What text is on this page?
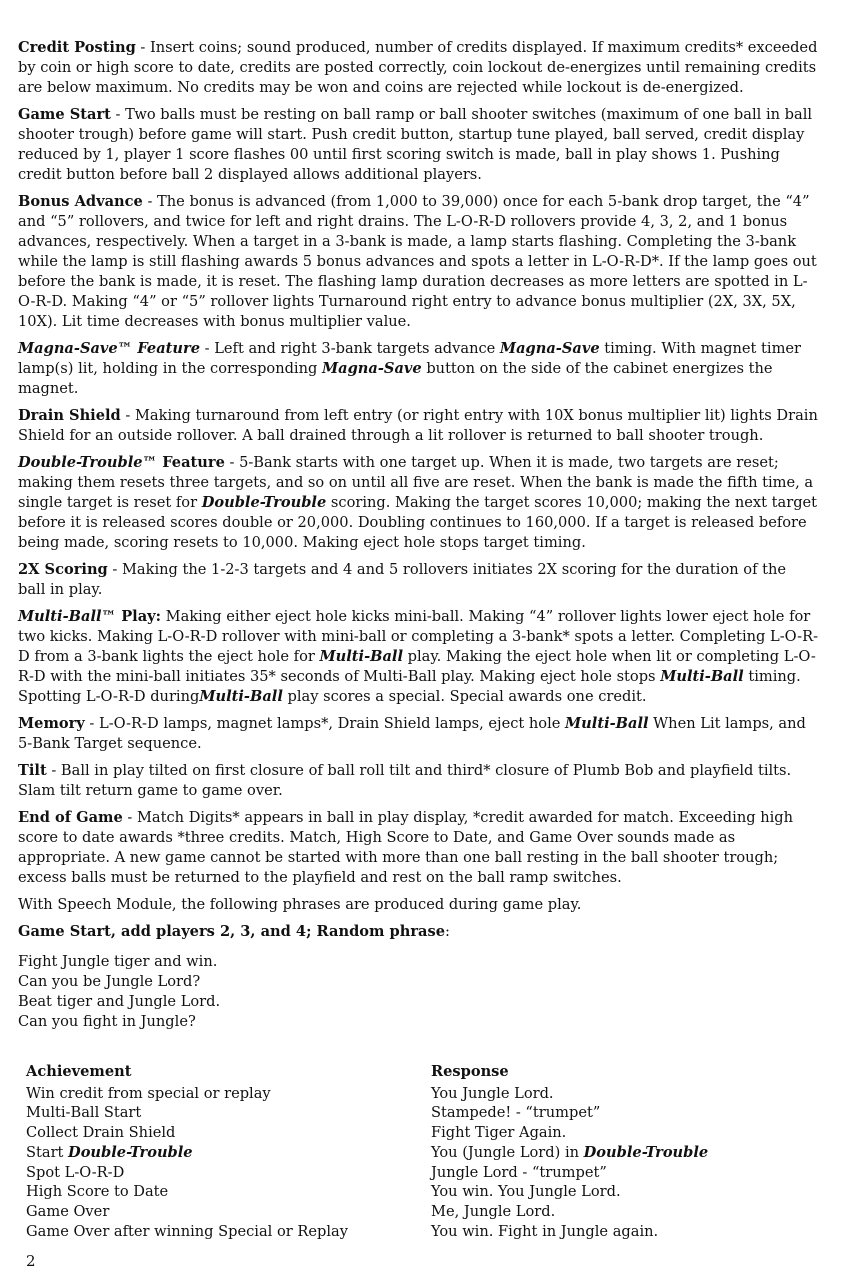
Credit Posting - Insert coins; sound produced, number of credits displayed. If maximum credits* exceeded by coin or high score to date, credits are posted correctly, coin lockout de-energizes until remaining credits are below maximum. No credits may be won and coins are rejected while lockout is de-energized.

Game Start - Two balls must be resting on ball ramp or ball shooter switches (maximum of one ball in ball shooter trough) before game will start. Push credit button, startup tune played, ball served, credit display reduced by 1, player 1 score flashes 00 until first scoring switch is made, ball in play shows 1. Pushing credit button before ball 2 displayed allows additional players.

Bonus Advance - The bonus is advanced (from 1,000 to 39,000) once for each 5-bank drop target, the “4” and “5” rollovers, and twice for left and right drains. The L-O-R-D rollovers provide 4, 3, 2, and 1 bonus advances, respectively. When a target in a 3-bank is made, a lamp starts flashing. Completing the 3-bank while the lamp is still flashing awards 5 bonus advances and spots a letter in L-O-R-D*. If the lamp goes out before the bank is made, it is reset. The flashing lamp duration decreases as more letters are spotted in L-O-R-D. Making “4” or “5” rollover lights Turnaround right entry to advance bonus multiplier (2X, 3X, 5X, 10X). Lit time decreases with bonus multiplier value.

Magna-Save™ Feature - Left and right 3-bank targets advance Magna-Save timing. With magnet timer lamp(s) lit, holding in the corresponding Magna-Save button on the side of the cabinet energizes the magnet.

Drain Shield - Making turnaround from left entry (or right entry with 10X bonus multiplier lit) lights Drain Shield for an outside rollover. A ball drained through a lit rollover is returned to ball shooter trough.

Double-Trouble™ Feature - 5-Bank starts with one target up. When it is made, two targets are reset; making them resets three targets, and so on until all five are reset. When the bank is made the fifth time, a single target is reset for Double-Trouble scoring. Making the target scores 10,000; making the next target before it is released scores double or 20,000. Doubling continues to 160,000. If a target is released before being made, scoring resets to 10,000. Making eject hole stops target timing.

2X Scoring - Making the 1-2-3 targets and 4 and 5 rollovers initiates 2X scoring for the duration of the ball in play.

Multi-Ball™ Play: Making either eject hole kicks mini-ball. Making “4” rollover lights lower eject hole for two kicks. Making L-O-R-D rollover with mini-ball or completing a 3-bank* spots a letter. Completing L-O-R-D from a 3-bank lights the eject hole for Multi-Ball play. Making the eject hole when lit or completing L-O-R-D with the mini-ball initiates 35* seconds of Multi-Ball play. Making eject hole stops Multi-Ball timing. Spotting L-O-R-D duringMulti-Ball play scores a special. Special awards one credit.

Memory - L-O-R-D lamps, magnet lamps*, Drain Shield lamps, eject hole Multi-Ball When Lit lamps, and 5-Bank Target sequence.

Tilt - Ball in play tilted on first closure of ball roll tilt and third* closure of Plumb Bob and playfield tilts. Slam tilt return game to game over.

End of Game - Match Digits* appears in ball in play display, *credit awarded for match. Exceeding high score to date awards *three credits. Match, High Score to Date, and Game Over sounds made as appropriate. A new game cannot be started with more than one ball resting in the ball shooter trough; excess balls must be returned to the playfield and rest on the ball ramp switches.

With Speech Module, the following phrases are produced during game play.

Game Start, add players 2, 3, and 4; Random phrase:

Fight Jungle tiger and win.
Can you be Jungle Lord?
Beat tiger and Jungle Lord.
Can you fight in Jungle?
Achievement
Win credit from special or replay
Multi-Ball Start
Collect Drain Shield
Start Double-Trouble
Spot L-O-R-D
High Score to Date
Game Over
Game Over after winning Special or Replay
Response
You Jungle Lord.
Stampede! - “trumpet”
Fight Tiger Again.
You (Jungle Lord) in Double-Trouble
Jungle Lord - “trumpet”
You win. You Jungle Lord.
Me, Jungle Lord.
You win. Fight in Jungle again.
2
